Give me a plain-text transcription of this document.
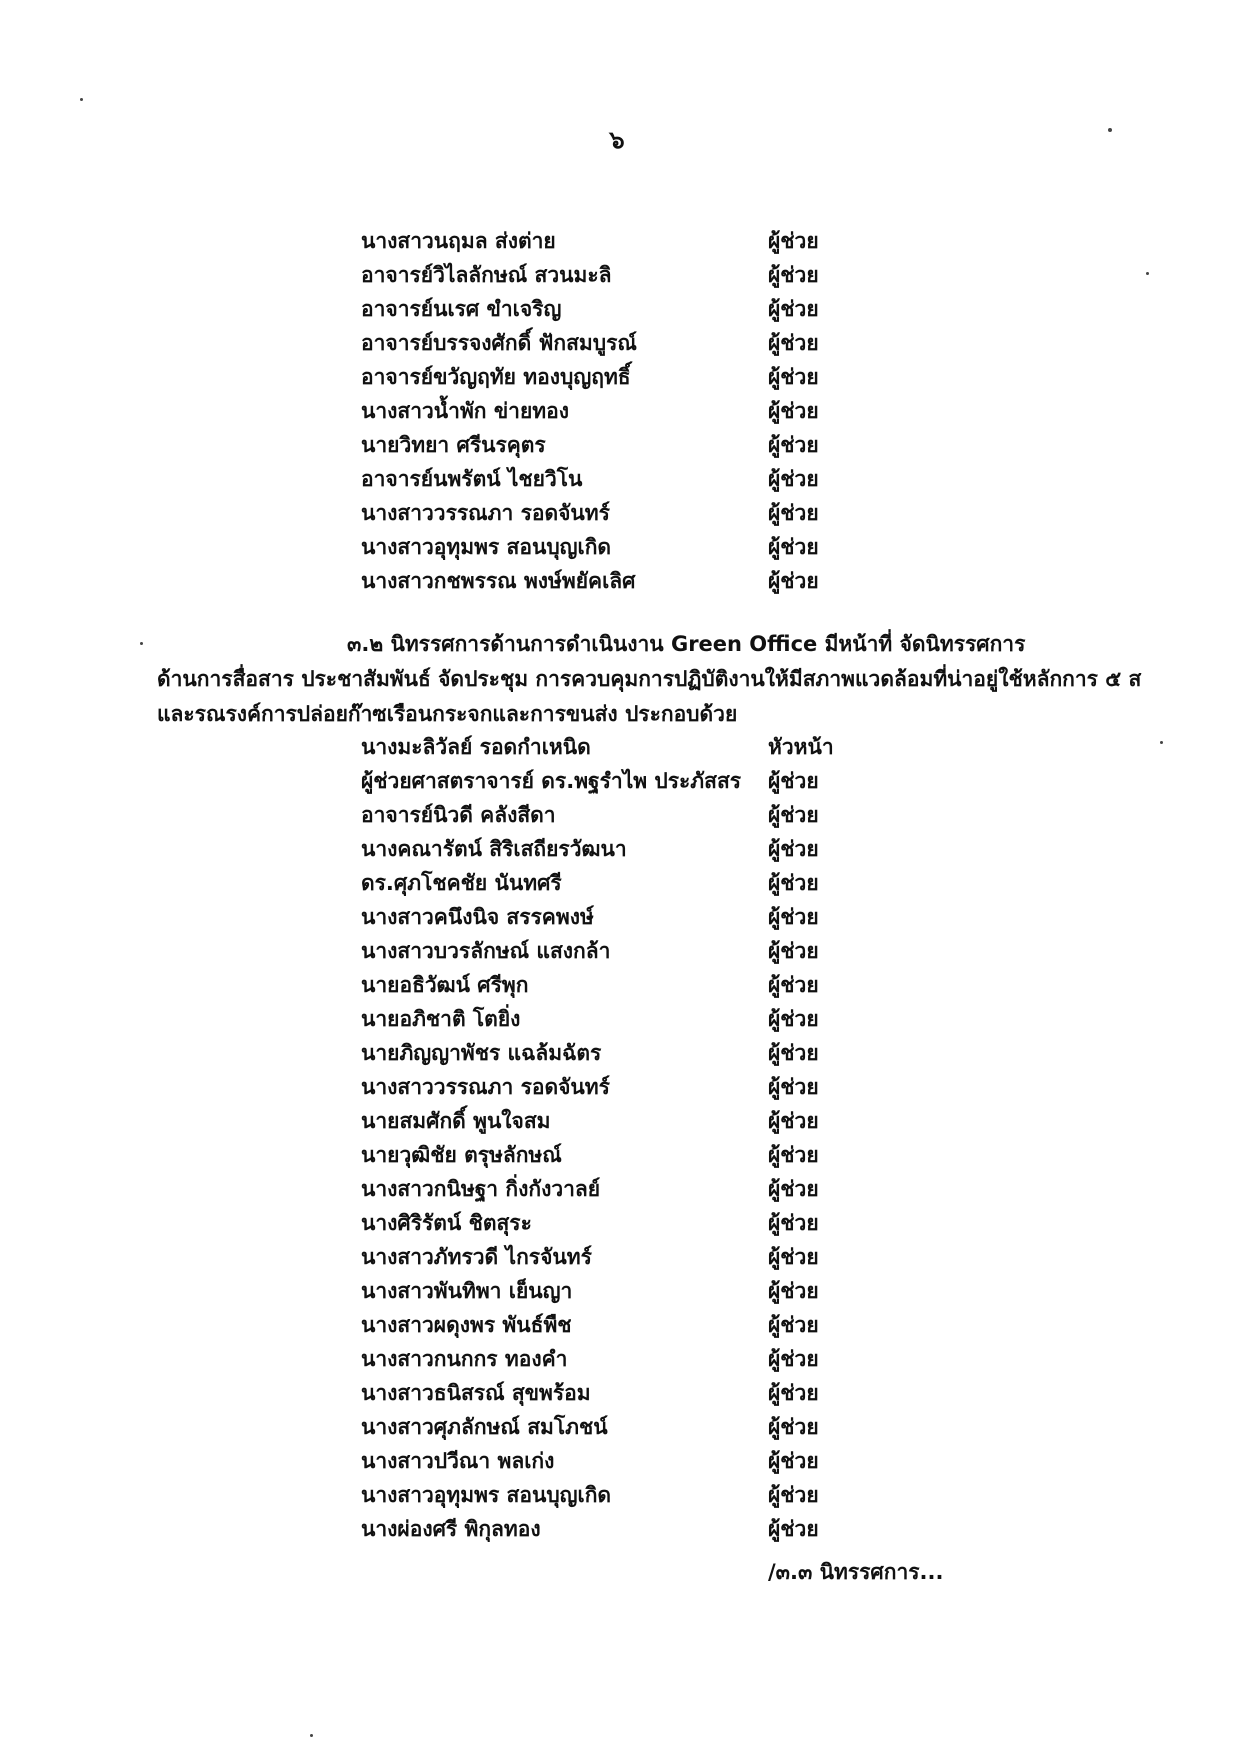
๖
นางสาวนฤมล ส่งต่าย	ผู้ช่วย
อาจารย์วิไลลักษณ์ สวนมะลิ	ผู้ช่วย
อาจารย์นเรศ ขำเจริญ	ผู้ช่วย
อาจารย์บรรจงศักดิ์ ฟักสมบูรณ์	ผู้ช่วย
อาจารย์ขวัญฤทัย ทองบุญฤทธิ์	ผู้ช่วย
นางสาวน้ำพัก ข่ายทอง	ผู้ช่วย
นายวิทยา ศรีนรคุตร	ผู้ช่วย
อาจารย์นพรัตน์ ไชยวิโน	ผู้ช่วย
นางสาววรรณภา รอดจันทร์	ผู้ช่วย
นางสาวอุทุมพร สอนบุญเกิด	ผู้ช่วย
นางสาวกชพรรณ พงษ์พยัคเลิศ	ผู้ช่วย
๓.๒ นิทรรศการด้านการดำเนินงาน Green Office มีหน้าที่ จัดนิทรรศการ
ด้านการสื่อสาร ประชาสัมพันธ์ จัดประชุม การควบคุมการปฏิบัติงานให้มีสภาพแวดล้อมที่น่าอยู่ใช้หลักการ ๕ ส
และรณรงค์การปล่อยก๊าซเรือนกระจกและการขนส่ง ประกอบด้วย
นางมะลิวัลย์ รอดกำเหนิด	หัวหน้า
ผู้ช่วยศาสตราจารย์ ดร.พฐรำไพ ประภัสสร ผู้ช่วย
อาจารย์นิวดี คลังสีดา	ผู้ช่วย
นางคณารัตน์ สิริเสถียรวัฒนา	ผู้ช่วย
ดร.ศุภโชคชัย นันทศรี	ผู้ช่วย
นางสาวคนึงนิจ สรรคพงษ์	ผู้ช่วย
นางสาวบวรลักษณ์ แสงกล้า	ผู้ช่วย
นายอธิวัฒน์ ศรีพุก	ผู้ช่วย
นายอภิชาติ โตยิ่ง	ผู้ช่วย
นายภิญญาพัชร แฉล้มฉัตร	ผู้ช่วย
นางสาววรรณภา รอดจันทร์	ผู้ช่วย
นายสมศักดิ์ พูนใจสม	ผู้ช่วย
นายวุฒิชัย ตรุษลักษณ์	ผู้ช่วย
นางสาวกนิษฐา กิ่งกังวาลย์	ผู้ช่วย
นางศิริรัตน์ ชิตสุระ	ผู้ช่วย
นางสาวภัทรวดี ไกรจันทร์	ผู้ช่วย
นางสาวพันทิพา เย็นญา	ผู้ช่วย
นางสาวผดุงพร พันธ์พืช	ผู้ช่วย
นางสาวกนกกร ทองคำ	ผู้ช่วย
นางสาวธนิสรณ์ สุขพร้อม	ผู้ช่วย
นางสาวศุภลักษณ์ สมโภชน์	ผู้ช่วย
นางสาวปวีณา พลเก่ง	ผู้ช่วย
นางสาวอุทุมพร สอนบุญเกิด	ผู้ช่วย
นางผ่องศรี พิกุลทอง	ผู้ช่วย
/๓.๓ นิทรรศการ...
